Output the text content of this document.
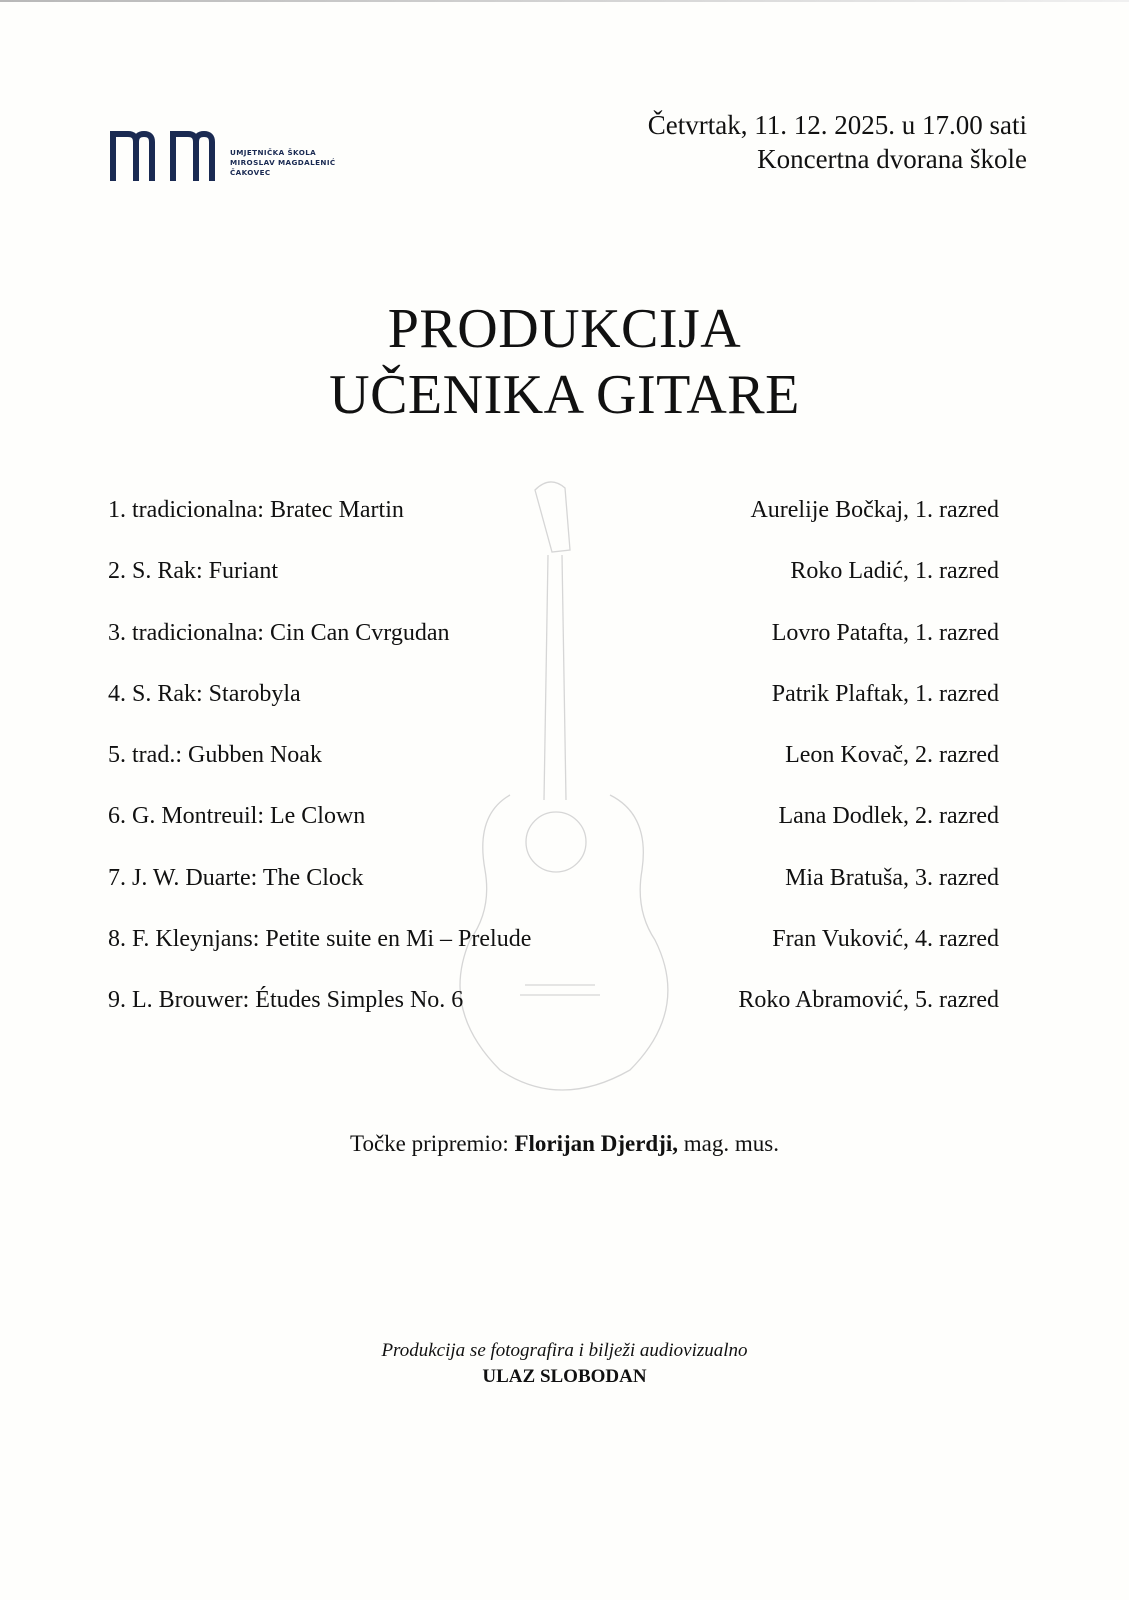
UMJETNIČKA ŠKOLA
MIROSLAV MAGDALENIĆ
ČAKOVEC
Četvrtak, 11. 12. 2025. u 17.00 sati
Koncertna dvorana škole
PRODUKCIJA
UČENIKA GITARE
1. tradicionalna: Bratec Martin	Aurelije Bočkaj, 1. razred
2. S. Rak: Furiant	Roko Ladić, 1. razred
3. tradicionalna: Cin Can Cvrgudan	Lovro Patafta, 1. razred
4. S. Rak: Starobyla	Patrik Plaftak, 1. razred
5. trad.: Gubben Noak	Leon Kovač, 2. razred
6. G. Montreuil: Le Clown	Lana Dodlek, 2. razred
7. J. W. Duarte: The Clock	Mia Bratuša, 3. razred
8. F. Kleynjans: Petite suite en Mi – Prelude	Fran Vuković, 4. razred
9. L. Brouwer: Études Simples No. 6	Roko Abramović, 5. razred
Točke pripremio: Florijan Djerdji, mag. mus.
Produkcija se fotografira i bilježi audiovizualno
ULAZ SLOBODAN
